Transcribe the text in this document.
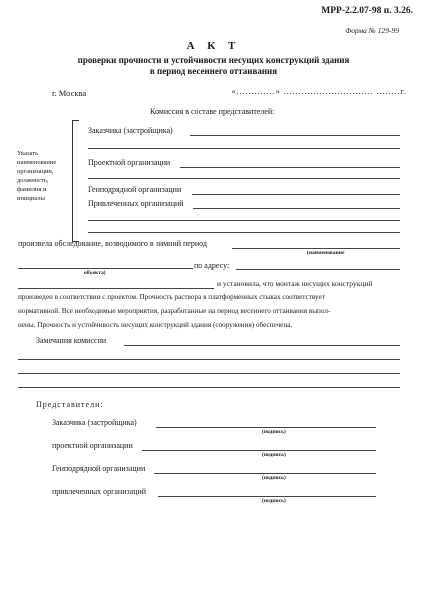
МРР-2.2.07-98 п. 3.26.
Форма № 129-99
А К Т
проверки прочности и устойчивости несущих конструкций здания
в период весеннего оттаивания
г. Москва	«.............» .............................. ........г.
Комиссия в составе представителей:
Указать наименование организации, должность, фамилия и инициалы
Заказчика (застройщика)
Проектной организации
Генподрядной организации
Привлеченных организаций
произвела обследование, возводимого в зимний период
(наименование
объекта)
по адресу:
и установила, что монтаж несущих конструкций
произведен в соответствии с проектом. Прочность раствора в платформенных стыках соответствует
нормативной. Все необходимые мероприятия, разработанные на период весеннего оттаивания выпол-
нены. Прочность и устойчивость несущих конструкций здания (сооружения) обеспечена.
Замечания комиссии
Представители:
Заказчика (застройщика)
(подпись)
проектной организации
(подпись)
Генподрядной организации
(подпись)
привлеченных организаций
(подпись)
